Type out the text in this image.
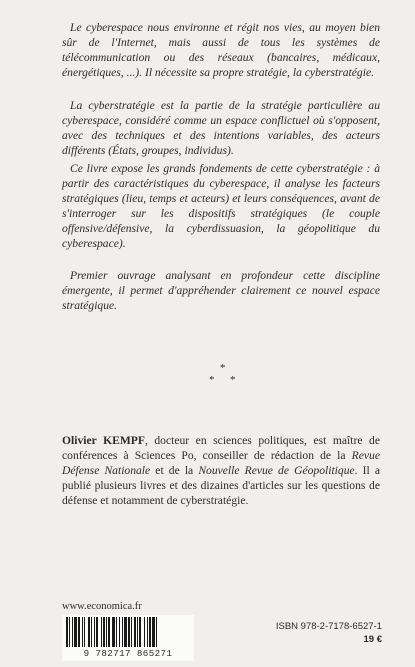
Le cyberespace nous environne et régit nos vies, au moyen bien sûr de l'Internet, mais aussi de tous les systèmes de télécommunication ou des réseaux (bancaires, médicaux, énergétiques, ...). Il nécessite sa propre stratégie, la cyberstratégie.

La cyberstratégie est la partie de la stratégie particulière au cyberespace, considéré comme un espace conflictuel où s'opposent, avec des techniques et des intentions variables, des acteurs différents (États, groupes, individus).

Ce livre expose les grands fondements de cette cyberstratégie : à partir des caractéristiques du cyberespace, il analyse les facteurs stratégiques (lieu, temps et acteurs) et leurs conséquences, avant de s'interroger sur les dispositifs stratégiques (le couple offensive/défensive, la cyberdissuasion, la géopolitique du cyberespace).

Premier ouvrage analysant en profondeur cette discipline émergente, il permet d'appréhender clairement ce nouvel espace stratégique.

*
* *

Olivier KEMPF, docteur en sciences politiques, est maître de conférences à Sciences Po, conseiller de rédaction de la Revue Défense Nationale et de la Nouvelle Revue de Géopolitique. Il a publié plusieurs livres et des dizaines d'articles sur les questions de défense et notamment de cyberstratégie.

www.economica.fr
9 782717 865271
ISBN 978-2-7178-6527-1
19 €
